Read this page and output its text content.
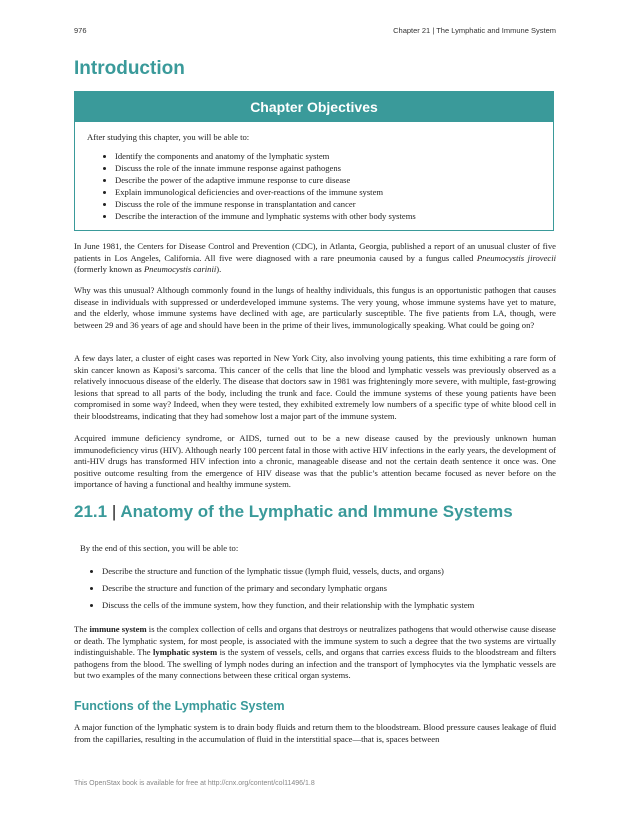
976	Chapter 21 | The Lymphatic and Immune System
Introduction
Chapter Objectives
After studying this chapter, you will be able to:
• Identify the components and anatomy of the lymphatic system
• Discuss the role of the innate immune response against pathogens
• Describe the power of the adaptive immune response to cure disease
• Explain immunological deficiencies and over-reactions of the immune system
• Discuss the role of the immune response in transplantation and cancer
• Describe the interaction of the immune and lymphatic systems with other body systems

In June 1981, the Centers for Disease Control and Prevention (CDC), in Atlanta, Georgia, published a report of an unusual cluster of five patients in Los Angeles, California. All five were diagnosed with a rare pneumonia caused by a fungus called Pneumocystis jirovecii (formerly known as Pneumocystis carinii).

Why was this unusual? Although commonly found in the lungs of healthy individuals, this fungus is an opportunistic pathogen that causes disease in individuals with suppressed or underdeveloped immune systems. The very young, whose immune systems have yet to mature, and the elderly, whose immune systems have declined with age, are particularly susceptible. The five patients from LA, though, were between 29 and 36 years of age and should have been in the prime of their lives, immunologically speaking. What could be going on?

A few days later, a cluster of eight cases was reported in New York City, also involving young patients, this time exhibiting a rare form of skin cancer known as Kaposi’s sarcoma. This cancer of the cells that line the blood and lymphatic vessels was previously observed as a relatively innocuous disease of the elderly. The disease that doctors saw in 1981 was frighteningly more severe, with multiple, fast-growing lesions that spread to all parts of the body, including the trunk and face. Could the immune systems of these young patients have been compromised in some way? Indeed, when they were tested, they exhibited extremely low numbers of a specific type of white blood cell in their bloodstreams, indicating that they had somehow lost a major part of the immune system.

Acquired immune deficiency syndrome, or AIDS, turned out to be a new disease caused by the previously unknown human immunodeficiency virus (HIV). Although nearly 100 percent fatal in those with active HIV infections in the early years, the development of anti-HIV drugs has transformed HIV infection into a chronic, manageable disease and not the certain death sentence it once was. One positive outcome resulting from the emergence of HIV disease was that the public’s attention became focused as never before on the importance of having a functional and healthy immune system.

21.1 | Anatomy of the Lymphatic and Immune Systems
By the end of this section, you will be able to:
• Describe the structure and function of the lymphatic tissue (lymph fluid, vessels, ducts, and organs)
• Describe the structure and function of the primary and secondary lymphatic organs
• Discuss the cells of the immune system, how they function, and their relationship with the lymphatic system

The immune system is the complex collection of cells and organs that destroys or neutralizes pathogens that would otherwise cause disease or death. The lymphatic system, for most people, is associated with the immune system to such a degree that the two systems are virtually indistinguishable. The lymphatic system is the system of vessels, cells, and organs that carries excess fluids to the bloodstream and filters pathogens from the blood. The swelling of lymph nodes during an infection and the transport of lymphocytes via the lymphatic vessels are but two examples of the many connections between these critical organ systems.

Functions of the Lymphatic System

A major function of the lymphatic system is to drain body fluids and return them to the bloodstream. Blood pressure causes leakage of fluid from the capillaries, resulting in the accumulation of fluid in the interstitial space—that is, spaces between

This OpenStax book is available for free at http://cnx.org/content/col11496/1.8
